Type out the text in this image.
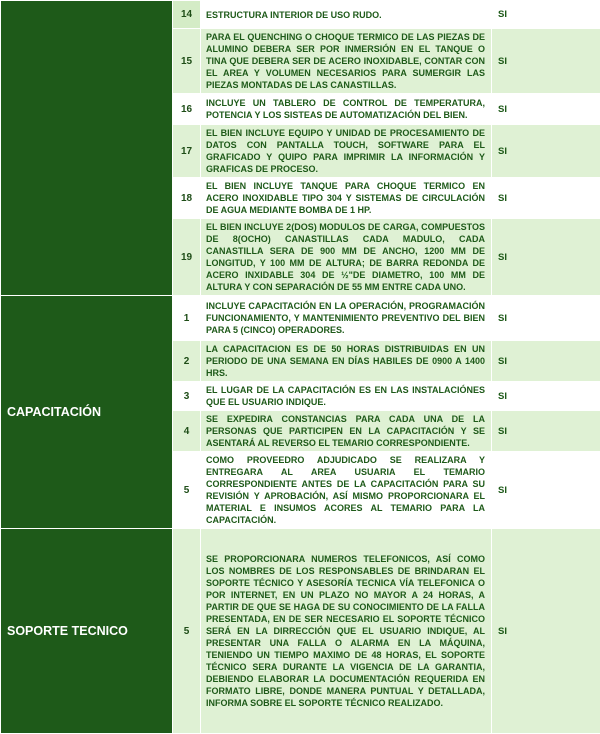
	14	ESTRUCTURA INTERIOR DE USO RUDO.	SI
	15	PARA EL QUENCHING O CHOQUE TERMICO DE LAS PIEZAS DE ALUMINO DEBERA SER POR INMERSIÓN EN EL TANQUE O TINA QUE DEBERA SER DE ACERO INOXIDABLE, CONTAR CON EL AREA Y VOLUMEN NECESARIOS PARA SUMERGIR LAS PIEZAS MONTADAS DE LAS CANASTILLAS.	SI
	16	INCLUYE UN TABLERO DE CONTROL DE TEMPERATURA, POTENCIA Y LOS SISTEAS DE AUTOMATIZACIÓN DEL BIEN.	SI
	17	EL BIEN INCLUYE EQUIPO Y UNIDAD DE PROCESAMIENTO DE DATOS CON PANTALLA TOUCH, SOFTWARE PARA EL GRAFICADO Y QUIPO PARA IMPRIMIR LA INFORMACIÓN Y GRAFICAS DE PROCESO.	SI
	18	EL BIEN INCLUYE TANQUE PARA CHOQUE TERMICO EN ACERO INOXIDABLE TIPO 304 Y SISTEMAS DE CIRCULACIÓN DE AGUA MEDIANTE BOMBA DE 1 HP.	SI
	19	EL BIEN INCLUYE 2(DOS) MODULOS DE CARGA, COMPUESTOS DE 8(OCHO) CANASTILLAS CADA MADULO, CADA CANASTILLA SERA DE 900 MM DE ANCHO, 1200 MM DE LONGITUD, Y 100 MM DE ALTURA; DE BARRA REDONDA DE ACERO INXIDABLE 304 DE ½"DE DIAMETRO, 100 MM DE ALTURA Y CON SEPARACIÓN DE 55 MM ENTRE CADA UNO.	SI
CAPACITACIÓN	1	INCLUYE CAPACITACIÓN EN LA OPERACIÓN, PROGRAMACIÓN FUNCIONAMIENTO, Y MANTENIMIENTO PREVENTIVO DEL BIEN PARA 5 (CINCO) OPERADORES.	SI
	2	LA CAPACITACION ES DE 50 HORAS DISTRIBUIDAS EN UN PERIODO DE UNA SEMANA EN DÍAS HABILES DE 0900 A 1400 HRS.	SI
	3	EL LUGAR DE LA CAPACITACIÓN ES EN LAS INSTALACIÓNES QUE EL USUARIO INDIQUE.	SI
	4	SE EXPEDIRA CONSTANCIAS PARA CADA UNA DE LA PERSONAS QUE PARTICIPEN EN LA CAPACITACIÓN Y SE ASENTARÁ AL REVERSO EL TEMARIO CORRESPONDIENTE.	SI
	5	COMO PROVEEDRO ADJUDICADO SE REALIZARA Y ENTREGARA AL AREA USUARIA EL TEMARIO CORRESPONDIENTE ANTES DE LA CAPACITACIÓN PARA SU REVISIÓN Y APROBACIÓN, ASÍ MISMO PROPORCIONARA EL MATERIAL E INSUMOS ACORES AL TEMARIO PARA LA CAPACITACIÓN.	SI
SOPORTE TECNICO	5	SE PROPORCIONARA NUMEROS TELEFONICOS, ASÍ COMO LOS NOMBRES DE LOS RESPONSABLES DE BRINDARAN EL SOPORTE TÉCNICO Y ASESORÍA TECNICA VÍA TELEFONICA O POR INTERNET, EN UN PLAZO NO MAYOR A 24 HORAS, A PARTIR DE QUE SE HAGA DE SU CONOCIMIENTO DE LA FALLA PRESENTADA, EN DE SER NECESARIO EL SOPORTE TÉCNICO SERÁ EN LA DIRRECCIÓN QUE EL USUARIO INDIQUE, AL PRESENTAR UNA FALLA O ALARMA EN LA MÁQUINA, TENIENDO UN TIEMPO MAXIMO DE 48 HORAS, EL SOPORTE TÉCNICO SERA DURANTE LA VIGENCIA DE LA GARANTIA, DEBIENDO ELABORAR LA DOCUMENTACIÓN REQUERIDA EN FORMATO LIBRE, DONDE MANERA PUNTUAL Y DETALLADA, INFORMA SOBRE EL SOPORTE TÉCNICO REALIZADO.	SI
